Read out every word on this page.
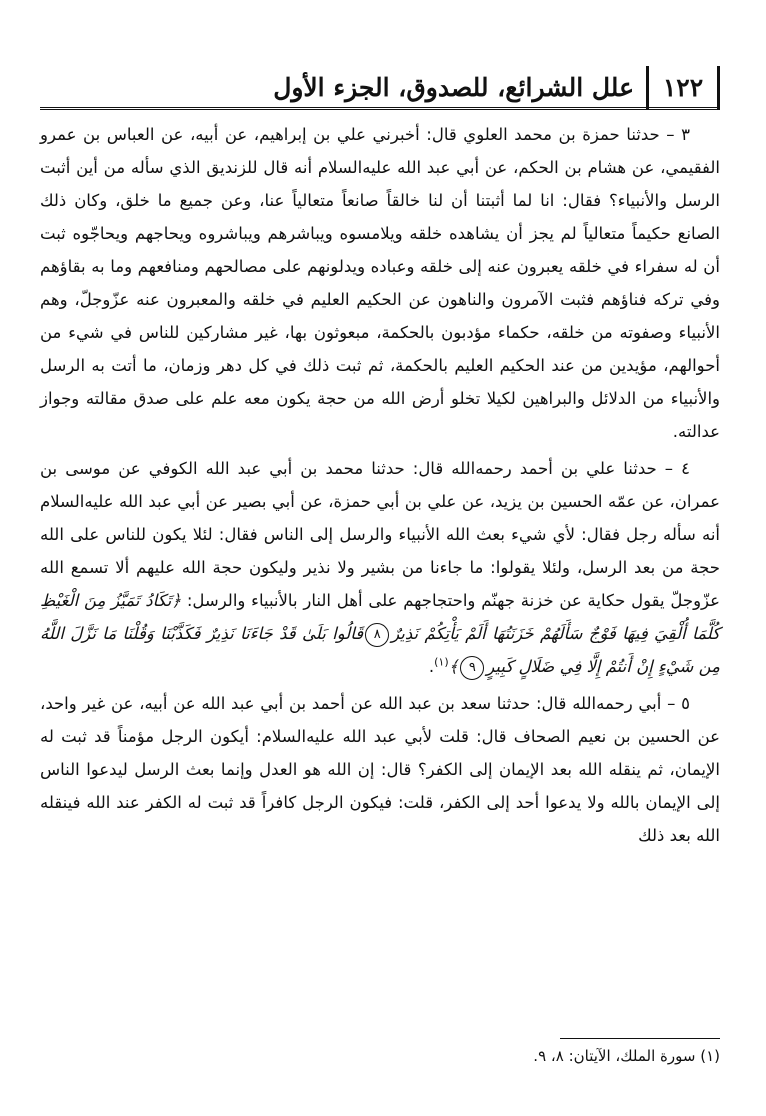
١٢٢
علل الشرائع، للصدوق، الجزء الأول

٣ – حدثنا حمزة بن محمد العلوي قال: أخبرني علي بن إبراهيم، عن أبيه، عن العباس بن عمرو الفقيمي، عن هشام بن الحكم، عن أبي عبد الله عليه‌السلام أنه قال للزنديق الذي سأله من أين أثبت الرسل والأنبياء؟ فقال: انا لما أثبتنا أن لنا خالقاً صانعاً متعالياً عنا، وعن جميع ما خلق، وكان ذلك الصانع حكيماً متعالياً لم يجز أن يشاهده خلقه ويلامسوه ويباشرهم ويباشروه ويحاجهم ويحاجّوه ثبت أن له سفراء في خلقه يعبرون عنه إلى خلقه وعباده ويدلونهم على مصالحهم ومنافعهم وما به بقاؤهم وفي تركه فناؤهم فثبت الآمرون والناهون عن الحكيم العليم في خلقه والمعبرون عنه عزّوجلّ، وهم الأنبياء وصفوته من خلقه، حكماء مؤدبون بالحكمة، مبعوثون بها، غير مشاركين للناس في شيء من أحوالهم، مؤيدين من عند الحكيم العليم بالحكمة، ثم ثبت ذلك في كل دهر وزمان، ما أتت به الرسل والأنبياء من الدلائل والبراهين لكيلا تخلو أرض الله من حجة يكون معه علم على صدق مقالته وجواز عدالته.

٤ – حدثنا علي بن أحمد رحمه‌الله قال: حدثنا محمد بن أبي عبد الله الكوفي عن موسى بن عمران، عن عمّه الحسين بن يزيد، عن علي بن أبي حمزة، عن أبي بصير عن أبي عبد الله عليه‌السلام أنه سأله رجل فقال: لأي شيء بعث الله الأنبياء والرسل إلى الناس فقال: لئلا يكون للناس على الله حجة من بعد الرسل، ولئلا يقولوا: ما جاءنا من بشير ولا نذير وليكون حجة الله عليهم ألا تسمع الله عزّوجلّ يقول حكاية عن خزنة جهنّم واحتجاجهم على أهل النار بالأنبياء والرسل: ﴿تَكَادُ تَمَيَّزُ مِنَ الْغَيْظِ كُلَّمَا أُلْقِيَ فِيهَا فَوْجٌ سَأَلَهُمْ خَزَنَتُهَا أَلَمْ يَأْتِكُمْ نَذِيرٌ٨قَالُوا بَلَىٰ قَدْ جَاءَنَا نَذِيرٌ فَكَذَّبْنَا وَقُلْنَا مَا نَزَّلَ اللَّهُ مِن شَيْءٍ إِنْ أَنتُمْ إِلَّا فِي ضَلَالٍ كَبِيرٍ٩﴾$^{(١)}$.

٥ – أبي رحمه‌الله قال: حدثنا سعد بن عبد الله عن أحمد بن أبي عبد الله عن أبيه، عن غير واحد، عن الحسين بن نعيم الصحاف قال: قلت لأبي عبد الله عليه‌السلام: أيكون الرجل مؤمناً قد ثبت له الإيمان، ثم ينقله الله بعد الإيمان إلى الكفر؟ قال: إن الله هو العدل وإنما بعث الرسل ليدعوا الناس إلى الإيمان بالله ولا يدعوا أحد إلى الكفر، قلت: فيكون الرجل كافراً قد ثبت له الكفر عند الله فينقله الله بعد ذلك

(١) سورة الملك، الآيتان: ٨، ٩.
